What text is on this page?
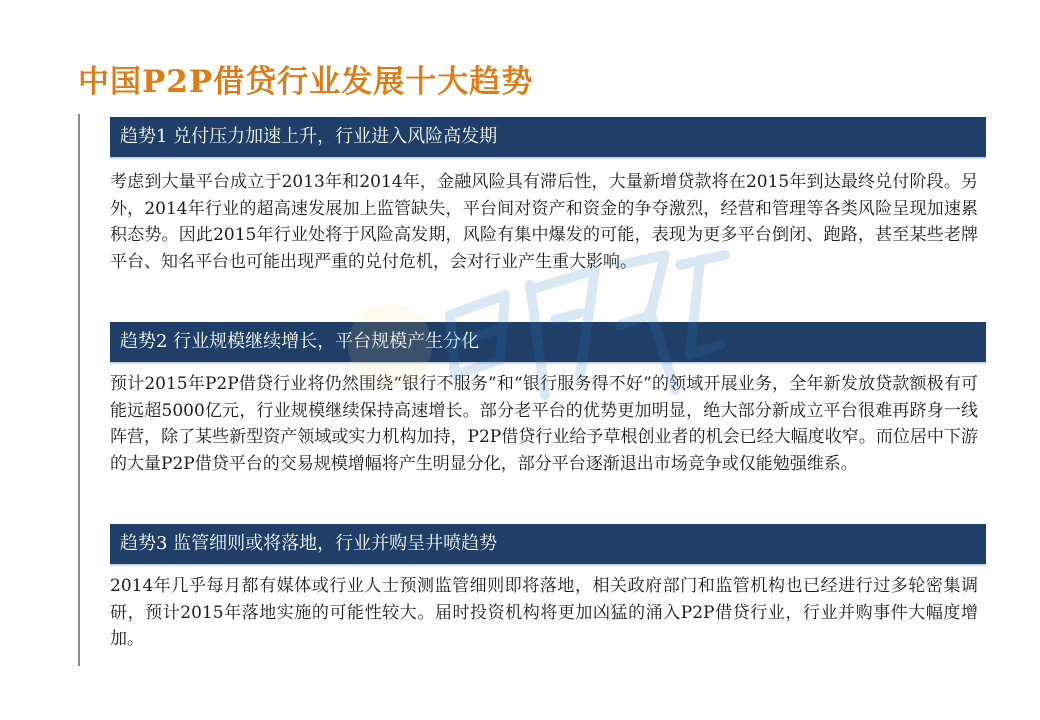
中国P2P借贷行业发展十大趋势
趋势1 兑付压力加速上升，行业进入风险高发期
考虑到大量平台成立于2013年和2014年，金融风险具有滞后性，大量新增贷款将在2015年到达最终兑付阶段。另外，2014年行业的超高速发展加上监管缺失，平台间对资产和资金的争夺激烈，经营和管理等各类风险呈现加速累积态势。因此2015年行业处将于风险高发期，风险有集中爆发的可能，表现为更多平台倒闭、跑路，甚至某些老牌平台、知名平台也可能出现严重的兑付危机，会对行业产生重大影响。
趋势2 行业规模继续增长，平台规模产生分化
预计2015年P2P借贷行业将仍然围绕“银行不服务”和“银行服务得不好”的领域开展业务，全年新发放贷款额极有可能远超5000亿元，行业规模继续保持高速增长。部分老平台的优势更加明显，绝大部分新成立平台很难再跻身一线阵营，除了某些新型资产领域或实力机构加持，P2P借贷行业给予草根创业者的机会已经大幅度收窄。而位居中下游的大量P2P借贷平台的交易规模增幅将产生明显分化，部分平台逐渐退出市场竞争或仅能勉强维系。
趋势3 监管细则或将落地，行业并购呈井喷趋势
2014年几乎每月都有媒体或行业人士预测监管细则即将落地，相关政府部门和监管机构也已经进行过多轮密集调研，预计2015年落地实施的可能性较大。届时投资机构将更加凶猛的涌入P2P借贷行业，行业并购事件大幅度增加。
